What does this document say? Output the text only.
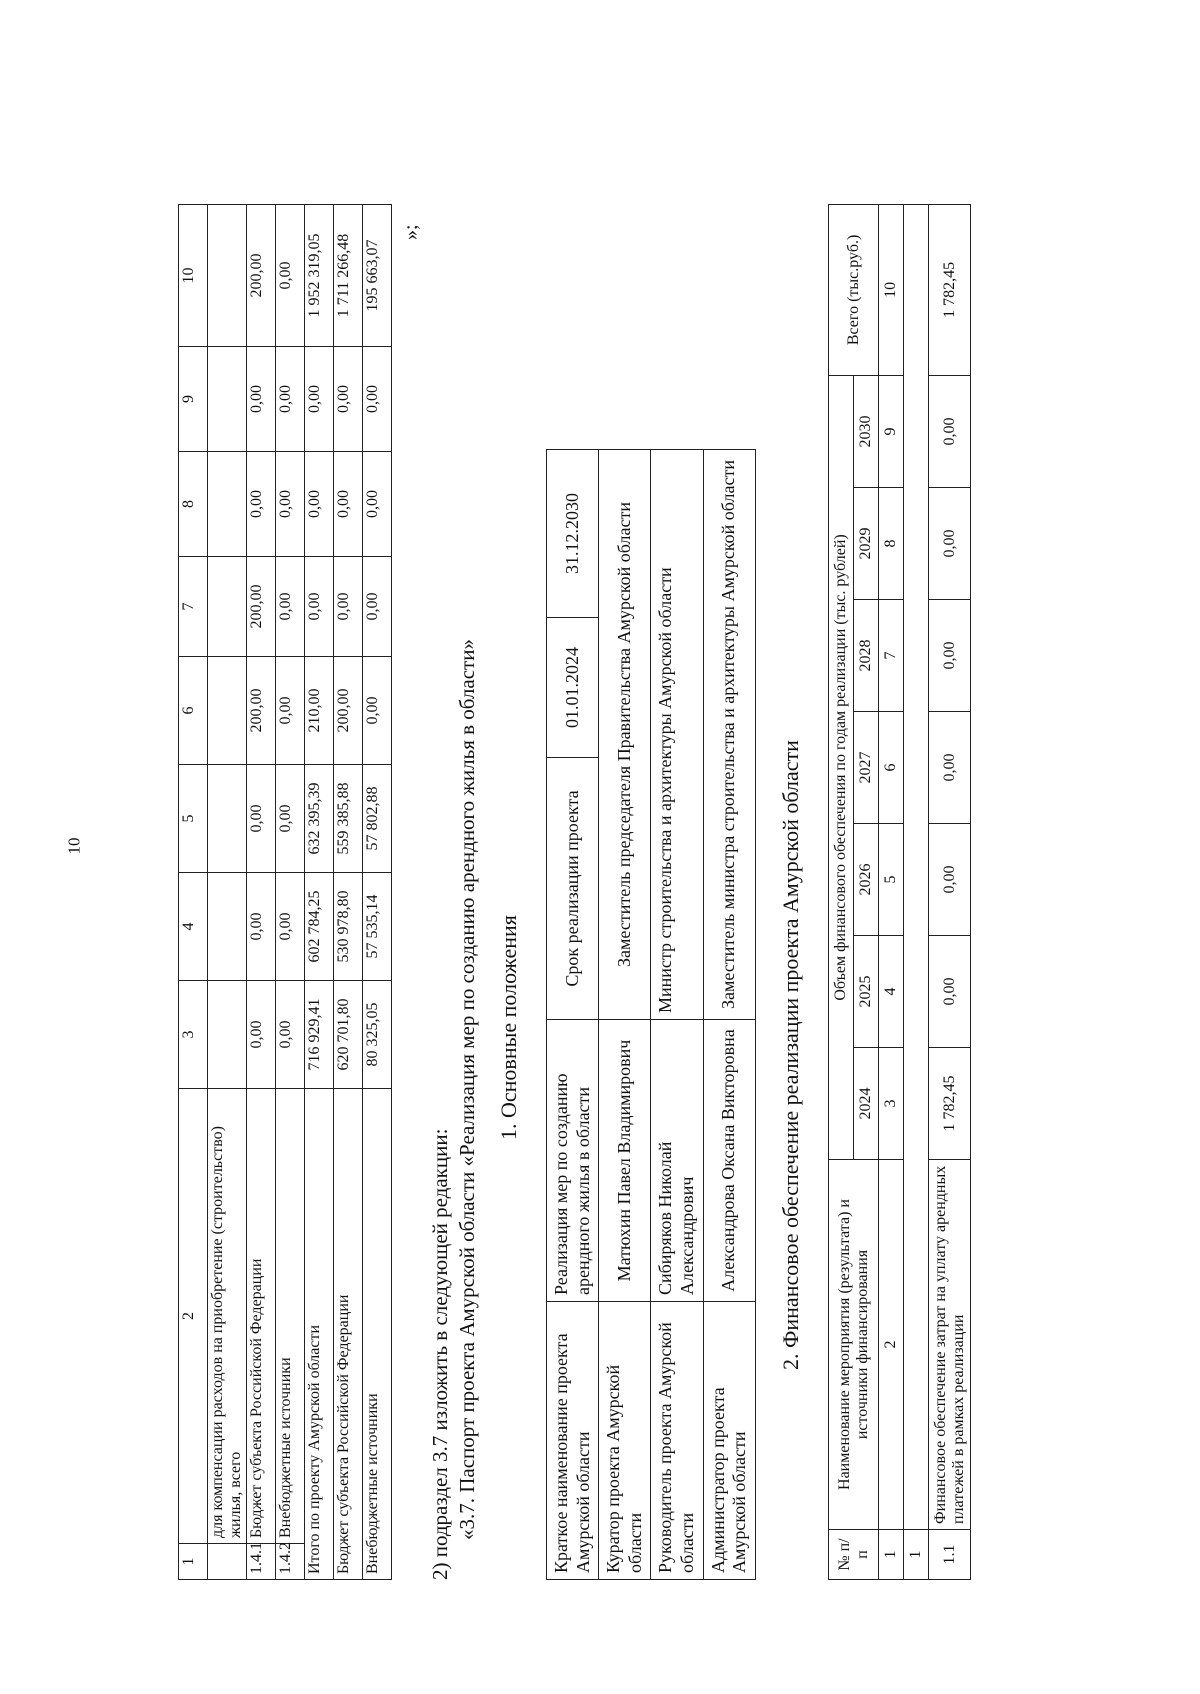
10
1	2	3	4	5	6	7	8	9	10
	для компенсации расходов на приобретение (строительство) жилья, всего								
1.4.1	Бюджет субъекта Российской Федерации	0,00	0,00	0,00	200,00	200,00	0,00	0,00	200,00
1.4.2	Внебюджетные источники	0,00	0,00	0,00	0,00	0,00	0,00	0,00	0,00
Итого по проекту Амурской области		716 929,41	602 784,25	632 395,39	210,00	0,00	0,00	0,00	1 952 319,05
Бюджет субъекта Российской Федерации		620 701,80	530 978,80	559 385,88	200,00	0,00	0,00	0,00	1 711 266,48
Внебюджетные источники		80 325,05	57 535,14	57 802,88	0,00	0,00	0,00	0,00	195 663,07
»;
2) подраздел 3.7 изложить в следующей редакции: «3.7. Паспорт проекта Амурской области «Реализация мер по созданию арендного жилья в области» 1. Основные положения
Краткое наименование проекта Амурской области	Реализация мер по созданию арендного жилья в области	Срок реализации проекта	01.01.2024	31.12.2030
Куратор проекта Амурской области	Матюхин Павел Владимирович	Заместитель председателя Правительства Амурской области		
Руководитель проекта Амурской области	Сибиряков Николай Александрович	Министр строительства и архитектуры Амурской области		
Администратор проекта Амурской области	Александрова Оксана Викторовна	Заместитель министра строительства и архитектуры Амурской области		
2. Финансовое обеспечение реализации проекта Амурской области
№ п/п	Наименование мероприятия (результата) и источники финансирования	Объем финансового обеспечения по годам реализации (тыс. рублей)							Всего (тыс.руб.)
		2024	2025	2026	2027	2028	2029	2030	
1	2	3	4	5	6	7	8	9	10
1									
1.1	Финансовое обеспечение затрат на уплату арендных платежей в рамках реализации	1 782,45	0,00	0,00	0,00	0,00	0,00	0,00	1 782,45
